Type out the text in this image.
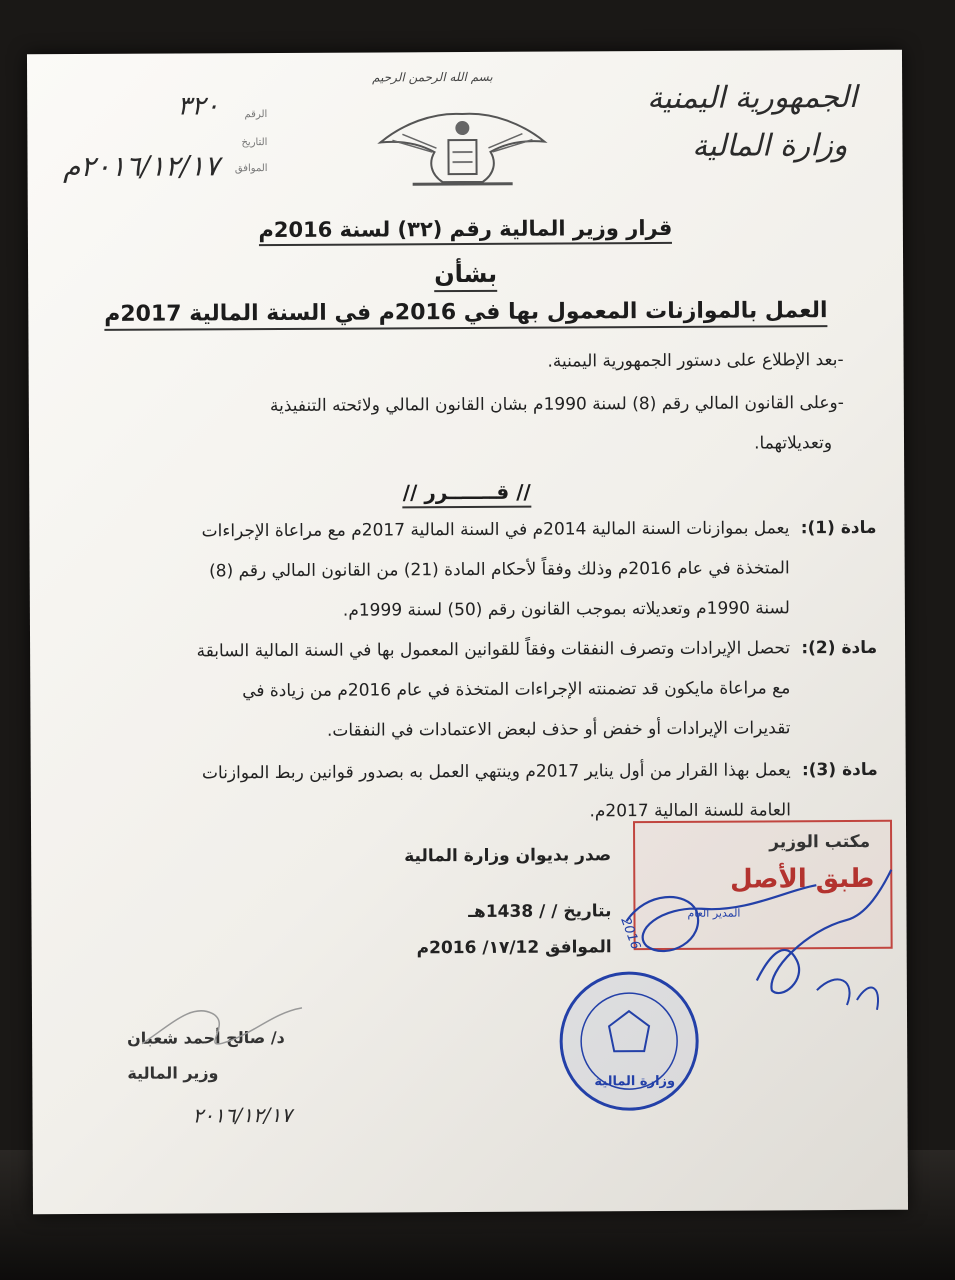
الجمهورية اليمنية
وزارة المالية
بسم الله الرحمن الرحيم
الرقم
التاريخ
الموافق
٣٢٠
٢٠١٦/١٢/١٧م
قرار وزير المالية رقم (٣٢) لسنة 2016م
بشأن
العمل بالموازنات المعمول بها في 2016م في السنة المالية 2017م
-بعد الإطلاع على دستور الجمهورية اليمنية.
-وعلى القانون المالي رقم (8) لسنة 1990م بشان القانون المالي ولائحته التنفيذية
وتعديلاتهما.
// قـــــــرر //
مادة (1):
يعمل بموازنات السنة المالية 2014م في السنة المالية 2017م مع مراعاة الإجراءات
المتخذة في عام 2016م وذلك وفقاً لأحكام المادة (21) من القانون المالي رقم (8)
لسنة 1990م وتعديلاته بموجب القانون رقم (50) لسنة 1999م.
مادة (2):
تحصل الإيرادات وتصرف النفقات وفقاً للقوانين المعمول بها في السنة المالية السابقة
مع مراعاة مايكون قد تضمنته الإجراءات المتخذة في عام 2016م من زيادة في
تقديرات الإيرادات أو خفض أو حذف لبعض الاعتمادات في النفقات.
مادة (3):
يعمل بهذا القرار من أول يناير 2017م وينتهي العمل به بصدور قوانين ربط الموازنات
العامة للسنة المالية 2017م.
صدر بديوان وزارة المالية
بتاريخ / / 1438هـ
الموافق ١٧/12/ 2016م
مكتب الوزير
طبق الأصل
المدير العام
وزارة المالية
2016
د/ صالح أحمد شعبان
وزير المالية
٢٠١٦/١٢/١٧
